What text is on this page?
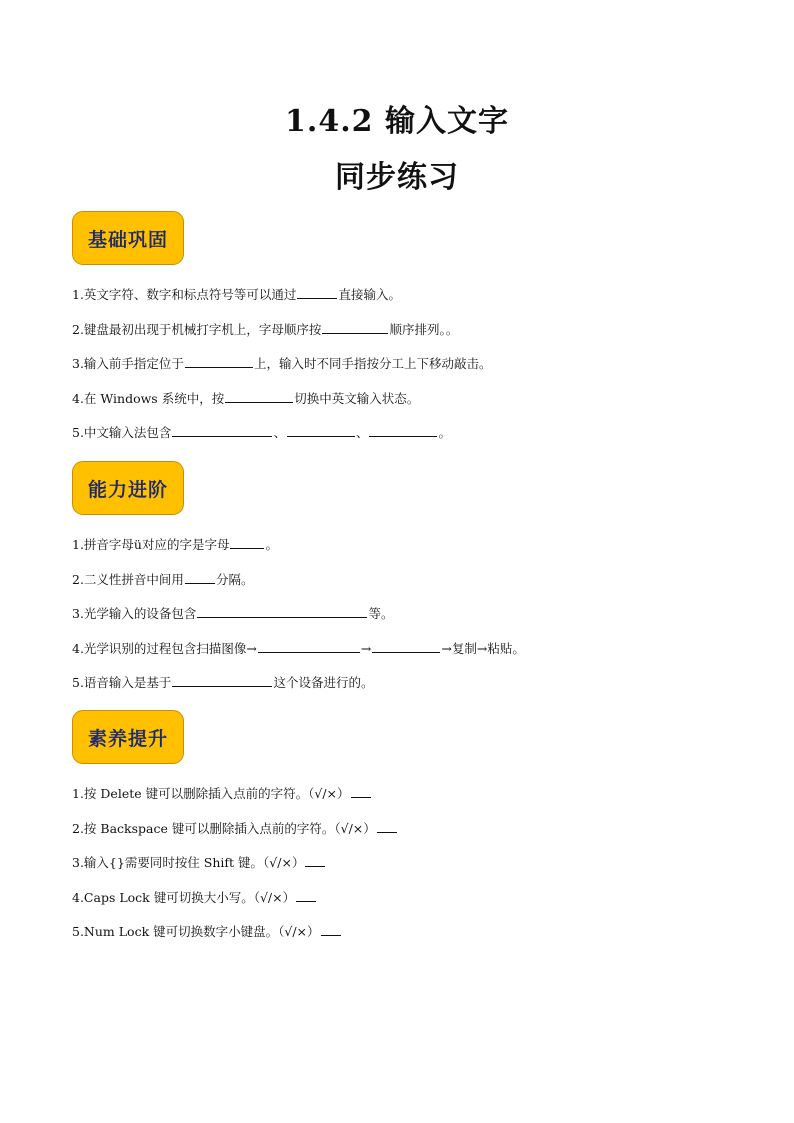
1.4.2 输入文字
同步练习
基础巩固
1.英文字符、数字和标点符号等可以通过	直接输入。
2.键盘最初出现于机械打字机上，字母顺序按	顺序排列。。
3.输入前手指定位于	上，输入时不同手指按分工上下移动敲击。
4.在 Windows 系统中，按	切换中英文输入状态。
5.中文输入法包含	、	、	。
能力进阶
1.拼音字母ü对应的字是字母	。
2.二义性拼音中间用	分隔。
3.光学输入的设备包含	等。
4.光学识别的过程包含扫描图像→	→	→复制→粘贴。
5.语音输入是基于	这个设备进行的。
素养提升
1.按 Delete 键可以删除插入点前的字符。（√/×）
2.按 Backspace 键可以删除插入点前的字符。（√/×）
3.输入{}需要同时按住 Shift 键。（√/×）
4.Caps Lock 键可切换大小写。（√/×）
5.Num Lock 键可切换数字小键盘。（√/×）
